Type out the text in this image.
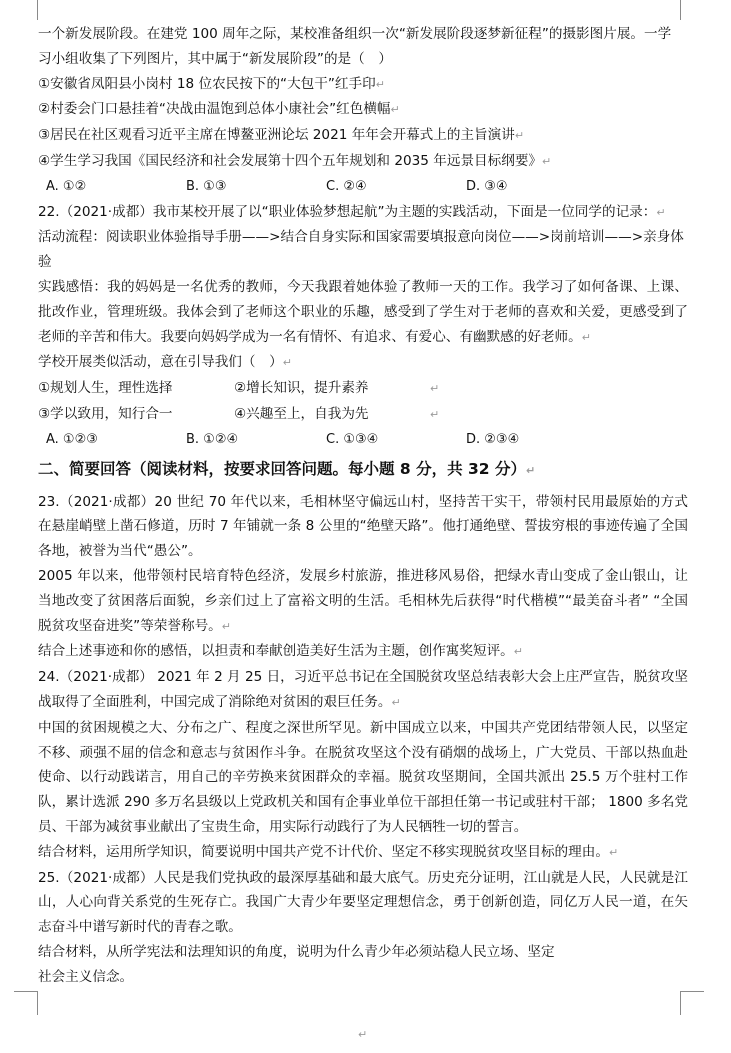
一个新发展阶段。在建党 100 周年之际，某校准备组织一次“新发展阶段逐梦新征程”的摄影图片展。一学

习小组收集了下列图片，其中属于“新发展阶段”的是（　）

①安徽省凤阳县小岗村 18 位农民按下的“大包干”红手印↵

②村委会门口悬挂着“决战由温饱到总体小康社会”红色横幅↵

③居民在社区观看习近平主席在博鳌亚洲论坛 2021 年年会开幕式上的主旨演讲↵

④学生学习我国《国民经济和社会发展第十四个五年规划和 2035 年远景目标纲要》↵

A. ①②	B. ①③	C. ②④	D. ③④

22.（2021·成都）我市某校开展了以“职业体验梦想起航”为主题的实践活动，下面是一位同学的记录：↵

活动流程：阅读职业体验指导手册——>结合自身实际和国家需要填报意向岗位——>岗前培训——>亲身体

验

实践感悟：我的妈妈是一名优秀的教师，今天我跟着她体验了教师一天的工作。我学习了如何备课、上课、批改作业，管理班级。我体会到了老师这个职业的乐趣，感受到了学生对于老师的喜欢和关爱，更感受到了老师的辛苦和伟大。我要向妈妈学成为一名有情怀、有追求、有爱心、有幽默感的好老师。↵

学校开展类似活动，意在引导我们（　）↵

①规划人生，理性选择	②增长知识，提升素养	↵
③学以致用，知行合一	④兴趣至上，自我为先	↵
A. ①②③	B. ①②④	C. ①③④	D. ②③④

二、简要回答（阅读材料，按要求回答问题。每小题 8 分，共 32 分）↵

23.（2021·成都）20 世纪 70 年代以来，毛相林坚守偏远山村，坚持苦干实干，带领村民用最原始的方式在悬崖峭壁上凿石修道，历时 7 年铺就一条 8 公里的“绝壁天路”。他打通绝壁、誓拔穷根的事迹传遍了全国各地，被誉为当代“愚公”。

2005 年以来，他带领村民培育特色经济，发展乡村旅游，推进移风易俗，把绿水青山变成了金山银山，让当地改变了贫困落后面貌，乡亲们过上了富裕文明的生活。毛相林先后获得“时代楷模”“最美奋斗者” “全国脱贫攻坚奋进奖”等荣誉称号。↵

结合上述事迹和你的感悟，以担责和奉献创造美好生活为主题，创作寓奖短评。↵

24.（2021·成都） 2021 年 2 月 25 日，习近平总书记在全国脱贫攻坚总结表彰大会上庄严宣告，脱贫攻坚战取得了全面胜利，中国完成了消除绝对贫困的艰巨任务。↵

中国的贫困规模之大、分布之广、程度之深世所罕见。新中国成立以来，中国共产党团结带领人民，以坚定不移、顽强不屈的信念和意志与贫困作斗争。在脱贫攻坚这个没有硝烟的战场上，广大党员、干部以热血赴使命、以行动践诺言，用自己的辛劳换来贫困群众的幸福。脱贫攻坚期间，全国共派出 25.5 万个驻村工作队，累计选派 290 多万名县级以上党政机关和国有企事业单位干部担任第一书记或驻村干部； 1800 多名党员、干部为减贫事业献出了宝贵生命，用实际行动践行了为人民牺牲一切的誓言。

结合材料，运用所学知识，简要说明中国共产党不计代价、坚定不移实现脱贫攻坚目标的理由。↵

25.（2021·成都）人民是我们党执政的最深厚基础和最大底气。历史充分证明，江山就是人民，人民就是江山，人心向背关系党的生死存亡。我国广大青少年要坚定理想信念，勇于创新创造，同亿万人民一道，在矢志奋斗中谱写新时代的青春之歌。

结合材料，从所学宪法和法理知识的角度，说明为什么青少年必须站稳人民立场、坚定

社会主义信念。

↵
